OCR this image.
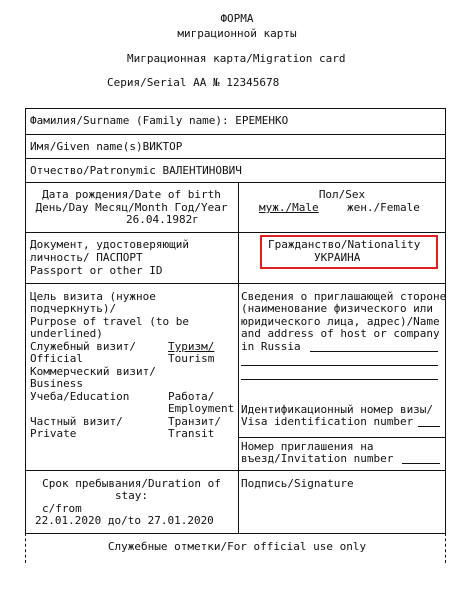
ФОРМА
миграционной карты
Миграционная карта/Migration card
Серия/Serial АА № 12345678
Фамилия/Surname (Family name): ЕРЕМЕНКО
Имя/Given name(s)ВИКТОР
Отчество/Patronymic ВАЛЕНТИНОВИЧ
Дата рождения/Date of birth
День/Day Месяц/Month Год/Year
26.04.1982г
Пол/Sex
муж./Male	жен./Female
Документ, удостоверяющий
личность/ ПАСПОРТ
Passport or other ID
Гражданство/Nationality
УКРАИНА
Цель визита (нужное
подчеркнуть)/
Purpose of travel (to be
underlined)
Служебный визит/
Official
Туризм/
Tourism
Коммерческий визит/
Business
Учеба/Education	Работа/
Employment
Частный визит/
Private
Транзит/
Transit
Сведения о приглашающей стороне
(наименование физического или
юридического лица, адрес)/Name
and address of host or company
in Russia
Идентификационный номер визы/
Visa identification number
Номер приглашения на
въезд/Invitation number
Срок пребывания/Duration of
stay:
с/from
22.01.2020 до/to 27.01.2020
Подпись/Signature
Служебные отметки/For official use only
